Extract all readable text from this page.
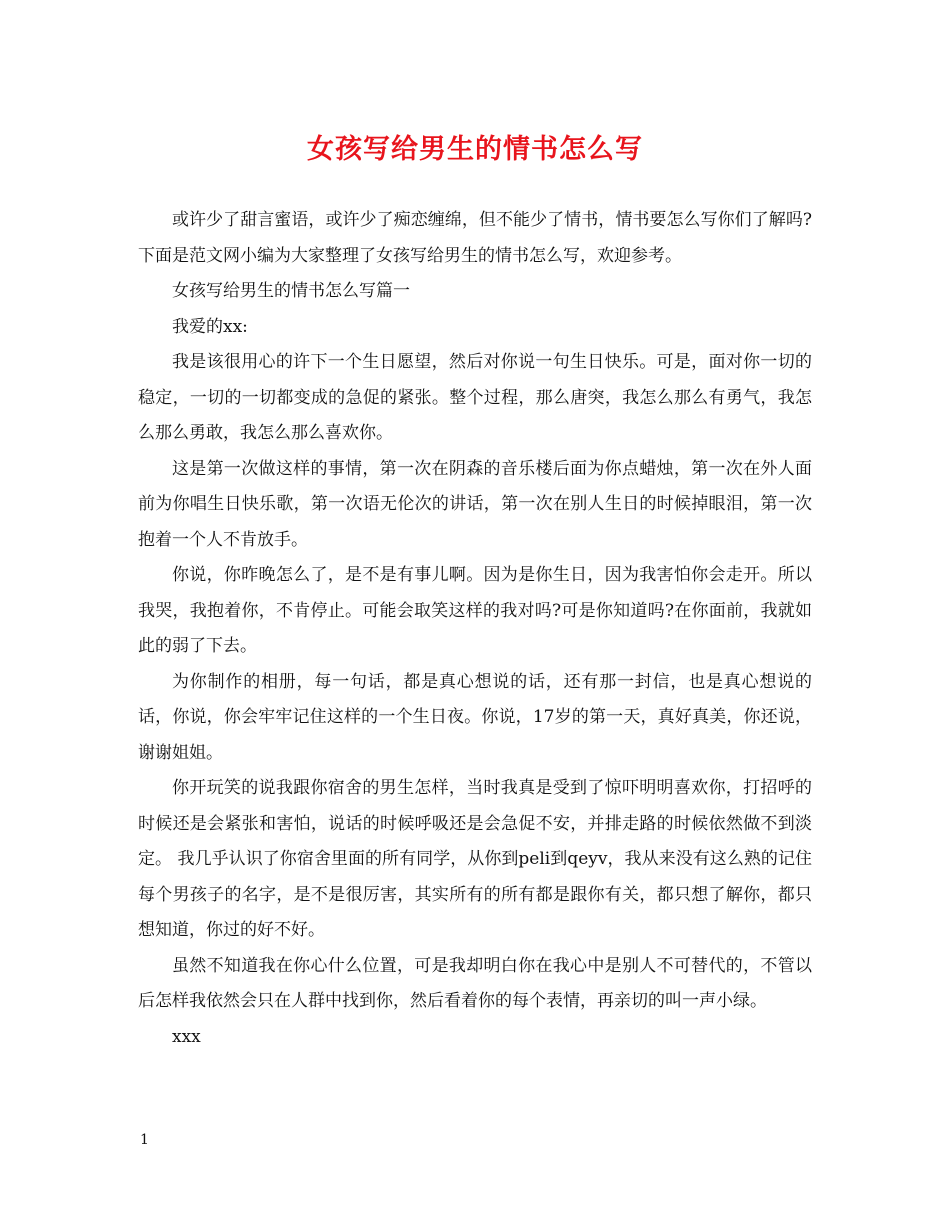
女孩写给男生的情书怎么写

或许少了甜言蜜语，或许少了痴恋缠绵，但不能少了情书，情书要怎么写你们了解吗?下面是范文网小编为大家整理了女孩写给男生的情书怎么写，欢迎参考。

女孩写给男生的情书怎么写篇一

我爱的xx:

我是该很用心的许下一个生日愿望，然后对你说一句生日快乐。可是，面对你一切的稳定，一切的一切都变成的急促的紧张。整个过程，那么唐突，我怎么那么有勇气，我怎么那么勇敢，我怎么那么喜欢你。

这是第一次做这样的事情，第一次在阴森的音乐楼后面为你点蜡烛，第一次在外人面前为你唱生日快乐歌，第一次语无伦次的讲话，第一次在别人生日的时候掉眼泪，第一次抱着一个人不肯放手。

你说，你昨晚怎么了，是不是有事儿啊。因为是你生日，因为我害怕你会走开。所以我哭，我抱着你，不肯停止。可能会取笑这样的我对吗?可是你知道吗?在你面前，我就如此的弱了下去。

为你制作的相册，每一句话，都是真心想说的话，还有那一封信，也是真心想说的话，你说，你会牢牢记住这样的一个生日夜。你说，17岁的第一天，真好真美，你还说，谢谢姐姐。

你开玩笑的说我跟你宿舍的男生怎样，当时我真是受到了惊吓明明喜欢你，打招呼的时候还是会紧张和害怕，说话的时候呼吸还是会急促不安，并排走路的时候依然做不到淡定。 我几乎认识了你宿舍里面的所有同学，从你到peli到qeyv，我从来没有这么熟的记住每个男孩子的名字，是不是很厉害，其实所有的所有都是跟你有关，都只想了解你，都只想知道，你过的好不好。

虽然不知道我在你心什么位置，可是我却明白你在我心中是别人不可替代的，不管以后怎样我依然会只在人群中找到你，然后看着你的每个表情，再亲切的叫一声小绿。

xxx

1
